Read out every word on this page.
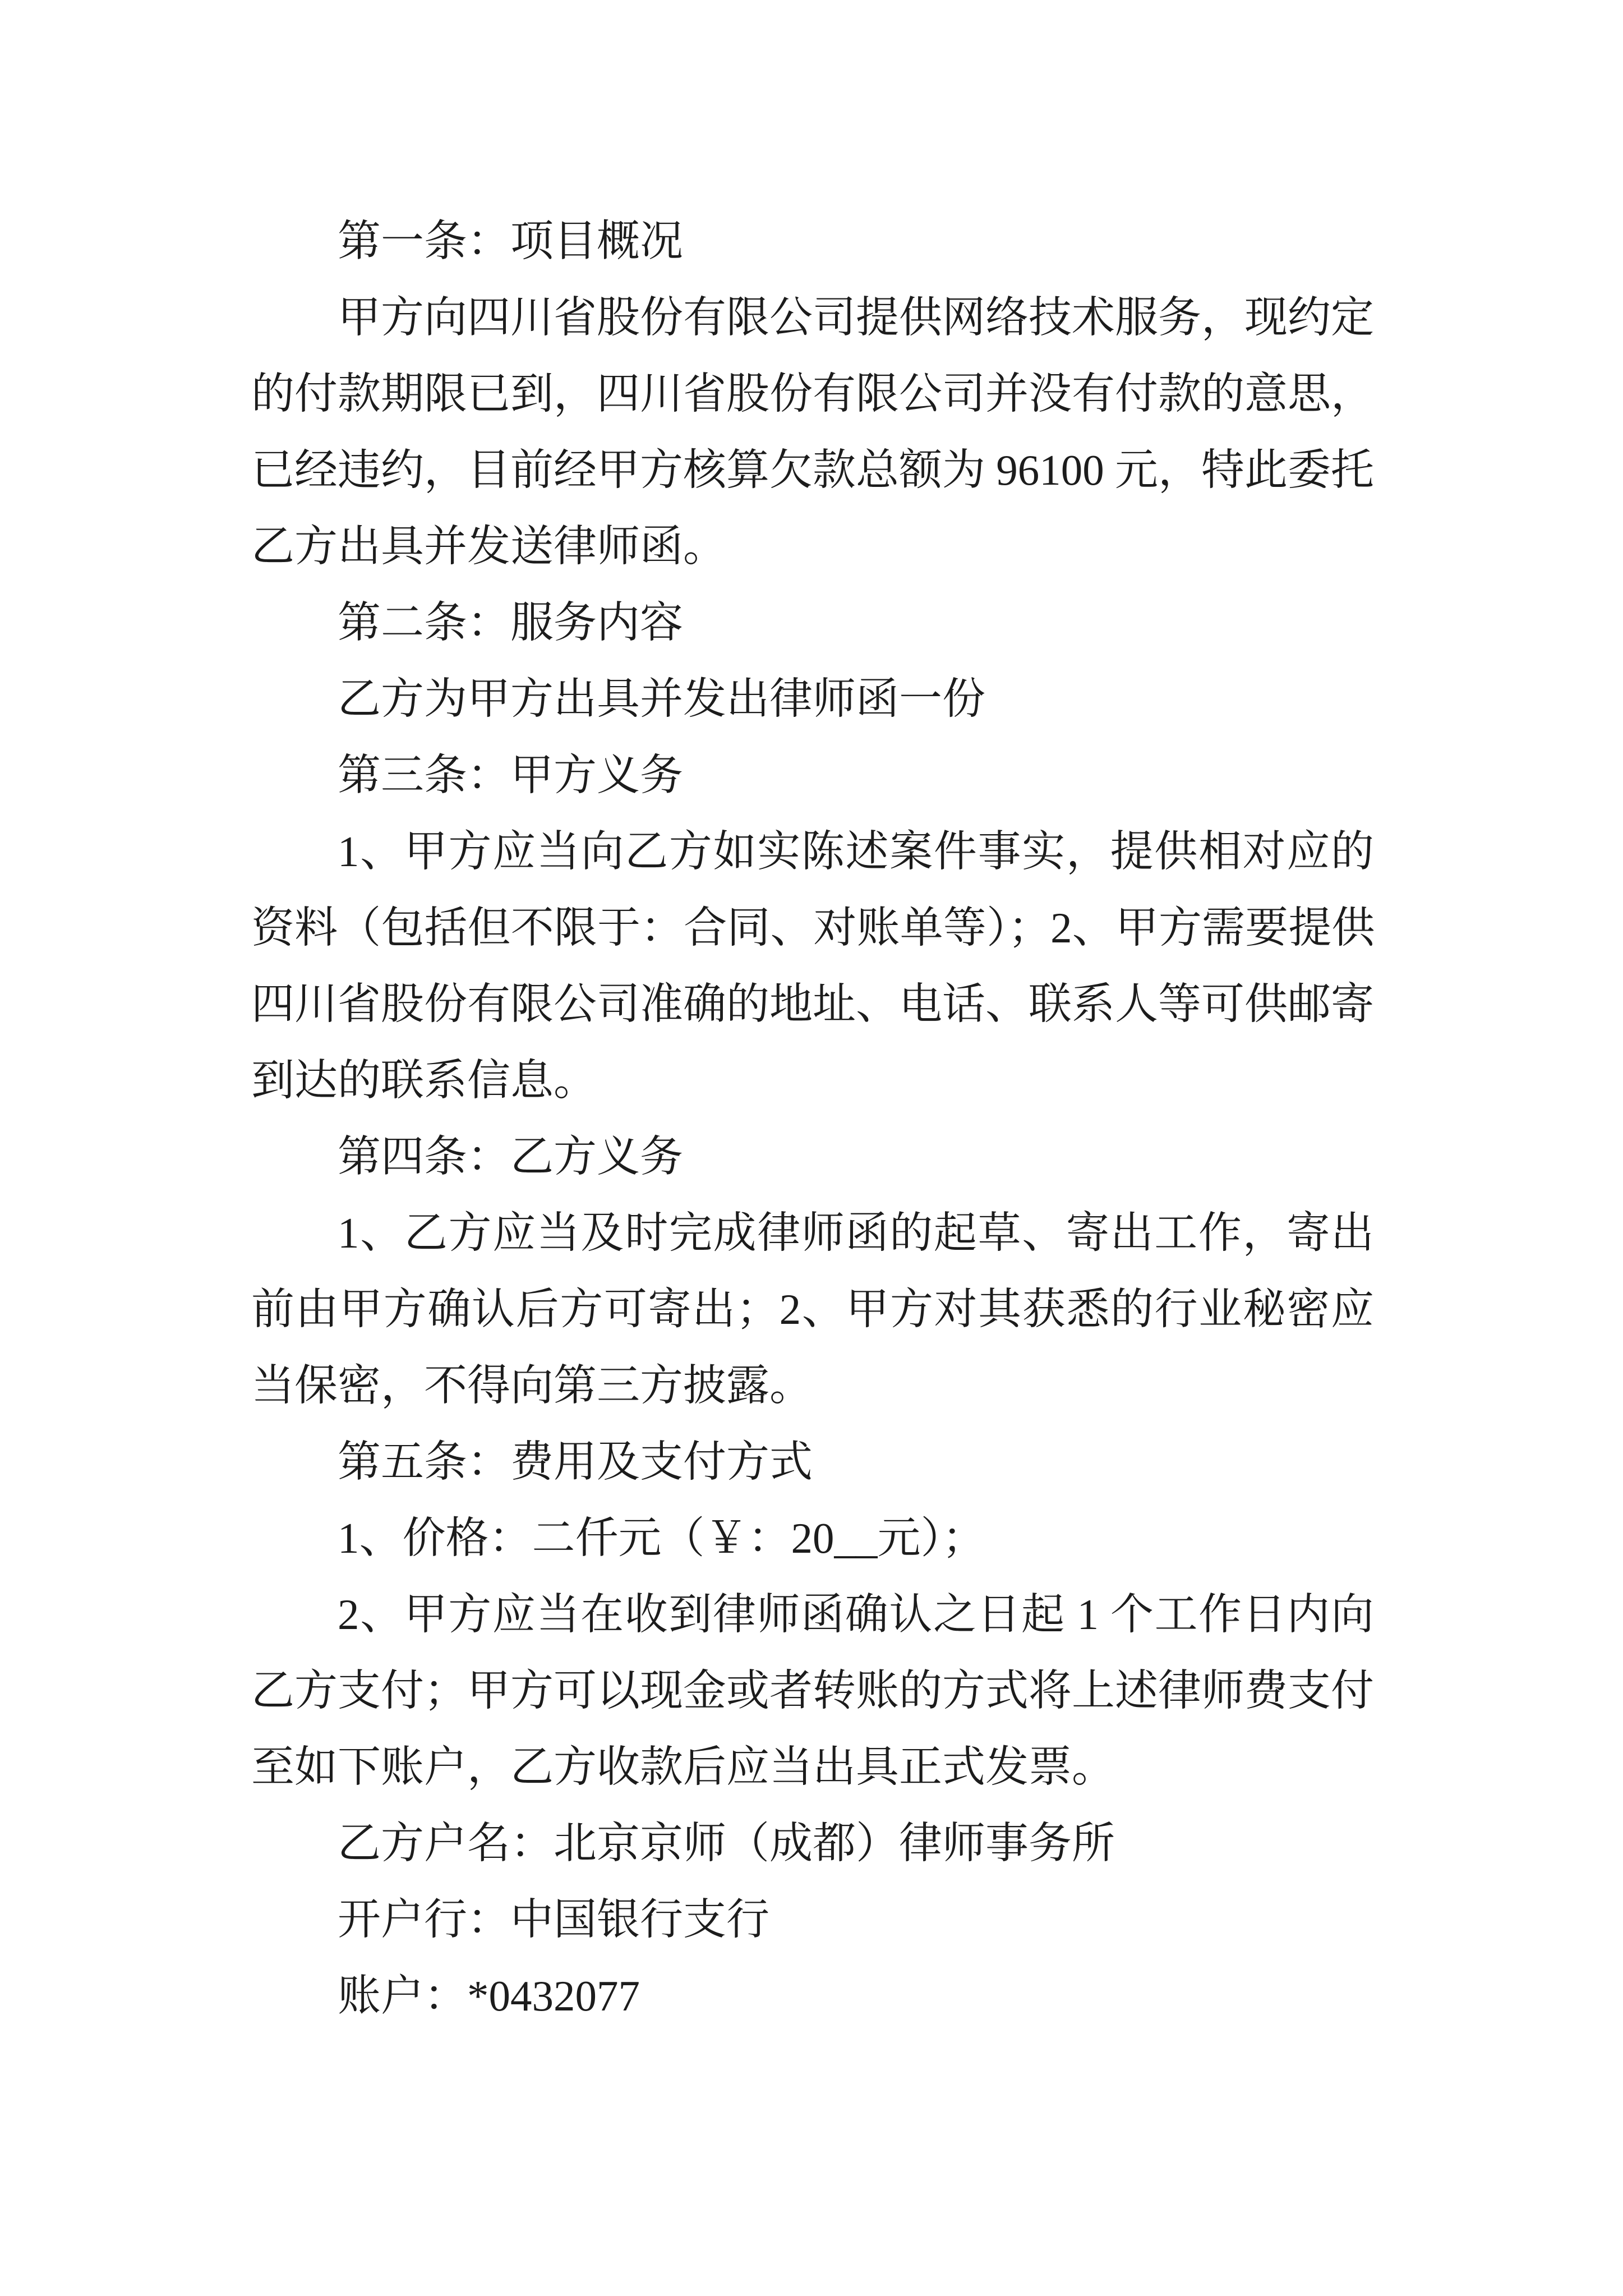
第一条：项目概况
甲方向四川省股份有限公司提供网络技术服务，现约定
的付款期限已到，四川省股份有限公司并没有付款的意思，
已经违约，目前经甲方核算欠款总额为 96100 元，特此委托
乙方出具并发送律师函。
第二条：服务内容
乙方为甲方出具并发出律师函一份
第三条：甲方义务
1、甲方应当向乙方如实陈述案件事实，提供相对应的
资料（包括但不限于：合同、对账单等）；2、甲方需要提供
四川省股份有限公司准确的地址、电话、联系人等可供邮寄
到达的联系信息。
第四条：乙方义务
1、乙方应当及时完成律师函的起草、寄出工作，寄出
前由甲方确认后方可寄出；2、甲方对其获悉的行业秘密应
当保密，不得向第三方披露。
第五条：费用及支付方式
1、价格：二仟元（￥：20__元）；
2、甲方应当在收到律师函确认之日起 1 个工作日内向
乙方支付；甲方可以现金或者转账的方式将上述律师费支付
至如下账户，乙方收款后应当出具正式发票。
乙方户名：北京京师（成都）律师事务所
开户行：中国银行支行
账户：*0432077
